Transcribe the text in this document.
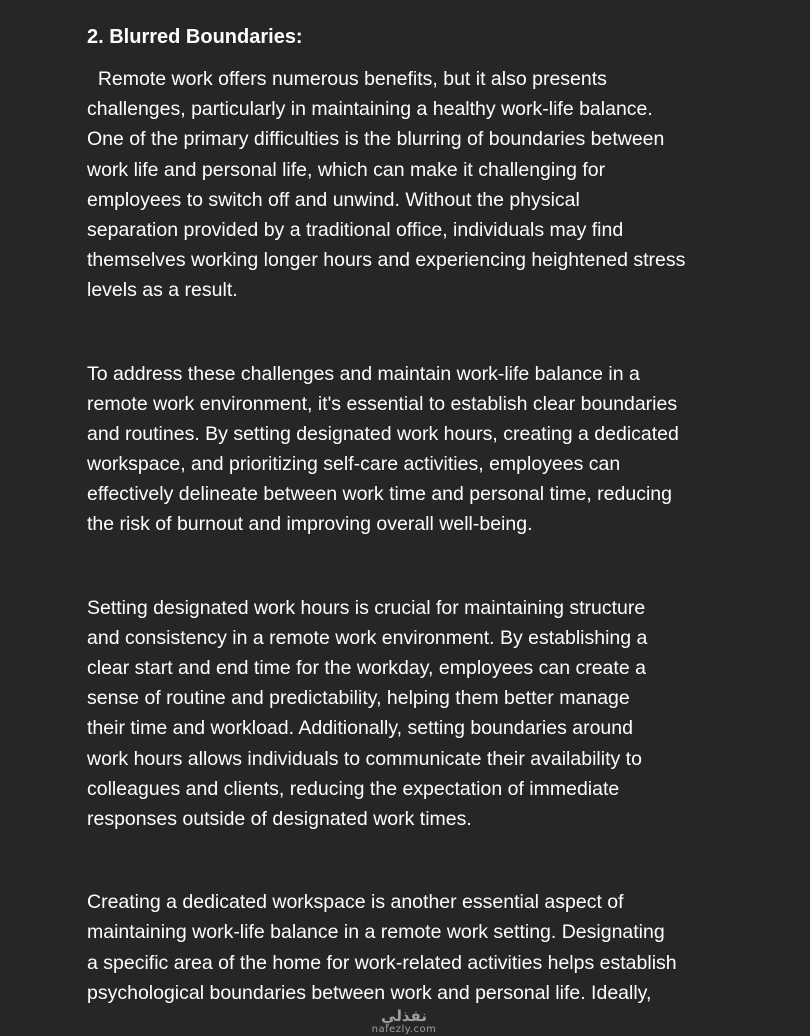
2. Blurred Boundaries:
Remote work offers numerous benefits, but it also presents
challenges, particularly in maintaining a healthy work-life balance.
One of the primary difficulties is the blurring of boundaries between
work life and personal life, which can make it challenging for
employees to switch off and unwind. Without the physical
separation provided by a traditional office, individuals may find
themselves working longer hours and experiencing heightened stress
levels as a result.
To address these challenges and maintain work-life balance in a
remote work environment, it's essential to establish clear boundaries
and routines. By setting designated work hours, creating a dedicated
workspace, and prioritizing self-care activities, employees can
effectively delineate between work time and personal time, reducing
the risk of burnout and improving overall well-being.
Setting designated work hours is crucial for maintaining structure
and consistency in a remote work environment. By establishing a
clear start and end time for the workday, employees can create a
sense of routine and predictability, helping them better manage
their time and workload. Additionally, setting boundaries around
work hours allows individuals to communicate their availability to
colleagues and clients, reducing the expectation of immediate
responses outside of designated work times.
Creating a dedicated workspace is another essential aspect of
maintaining work-life balance in a remote work setting. Designating
a specific area of the home for work-related activities helps establish
psychological boundaries between work and personal life. Ideally,
نفذلي
nafezly.com
